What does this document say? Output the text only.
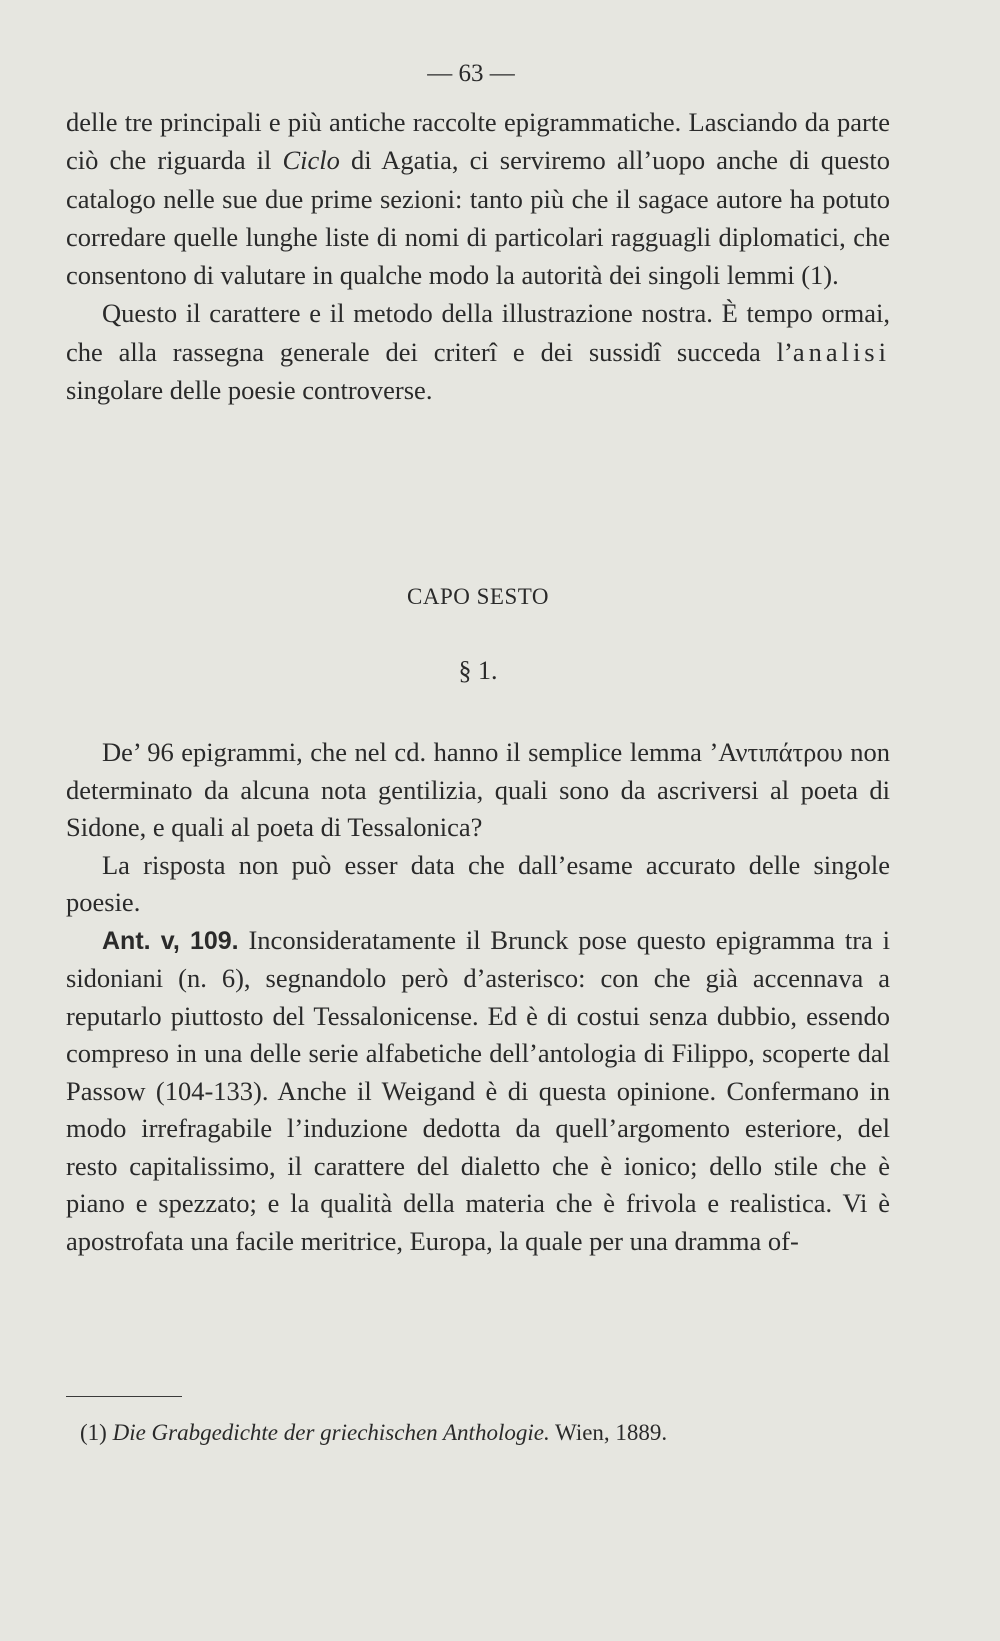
— 63 —

delle tre principali e più antiche raccolte epigrammatiche. Lasciando da parte ciò che riguarda il Ciclo di Agatia, ci serviremo all’uopo anche di questo catalogo nelle sue due prime sezioni: tanto più che il sagace autore ha potuto corredare quelle lunghe liste di nomi di particolari ragguagli diplomatici, che consentono di valutare in qualche modo la autorità dei singoli lemmi (1).

Questo il carattere e il metodo della illustrazione nostra. È tempo ormai, che alla rassegna generale dei criterî e dei sussidî succeda l’analisi singolare delle poesie controverse.

CAPO SESTO
§ 1.

De’ 96 epigrammi, che nel cd. hanno il semplice lemma ’Αντιπάτρου non determinato da alcuna nota gentilizia, quali sono da ascriversi al poeta di Sidone, e quali al poeta di Tessalonica?

La risposta non può esser data che dall’esame accurato delle singole poesie.

Ant. v, 109. Inconsideratamente il Brunck pose questo epigramma tra i sidoniani (n. 6), segnandolo però d’asterisco: con che già accennava a reputarlo piuttosto del Tessalonicense. Ed è di costui senza dubbio, essendo compreso in una delle serie alfabetiche dell’antologia di Filippo, scoperte dal Passow (104-133). Anche il Weigand è di questa opinione. Confermano in modo irrefragabile l’induzione dedotta da quell’argomento esteriore, del resto capitalissimo, il carattere del dialetto che è ionico; dello stile che è piano e spezzato; e la qualità della materia che è frivola e realistica. Vi è apostrofata una facile meritrice, Europa, la quale per una dramma of-

(1) Die Grabgedichte der griechischen Anthologie. Wien, 1889.
